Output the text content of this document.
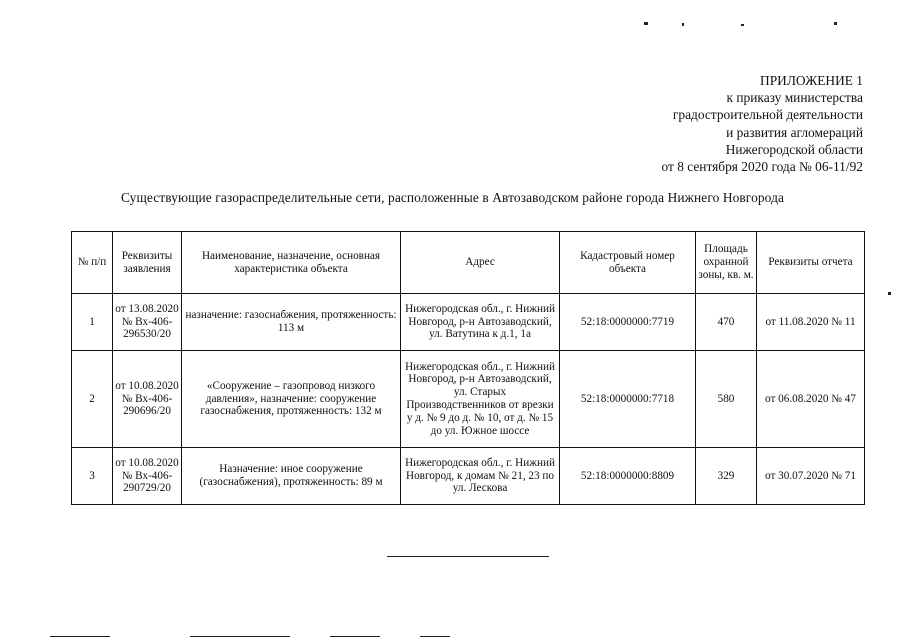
ПРИЛОЖЕНИЕ 1
к приказу министерства
градостроительной деятельности
и развития агломераций
Нижегородской области
от 8 сентября 2020 года № 06-11/92
Существующие газораспределительные сети, расположенные в Автозаводском районе города Нижнего Новгорода
№ п/п	Реквизиты заявления	Наименование, назначение, основная характеристика объекта	Адрес	Кадастровый номер объекта	Площадь охранной зоны, кв. м.	Реквизиты отчета
1	от 13.08.2020 № Вх-406-296530/20	назначение: газоснабжения, протяженность: 113 м	Нижегородская обл., г. Нижний Новгород, р-н Автозаводский, ул. Ватутина к д.1, 1а	52:18:0000000:7719	470	от 11.08.2020 № 11
2	от 10.08.2020 № Вх-406-290696/20	«Сооружение – газопровод низкого давления», назначение: сооружение газоснабжения, протяженность: 132 м	Нижегородская обл., г. Нижний Новгород, р-н Автозаводский, ул. Старых Производственников от врезки у д. № 9 до д. № 10, от д. № 15 до ул. Южное шоссе	52:18:0000000:7718	580	от 06.08.2020 № 47
3	от 10.08.2020 № Вх-406-290729/20	Назначение: иное сооружение (газоснабжения), протяженность: 89 м	Нижегородская обл., г. Нижний Новгород, к домам № 21, 23 по ул. Лескова	52:18:0000000:8809	329	от 30.07.2020 № 71
